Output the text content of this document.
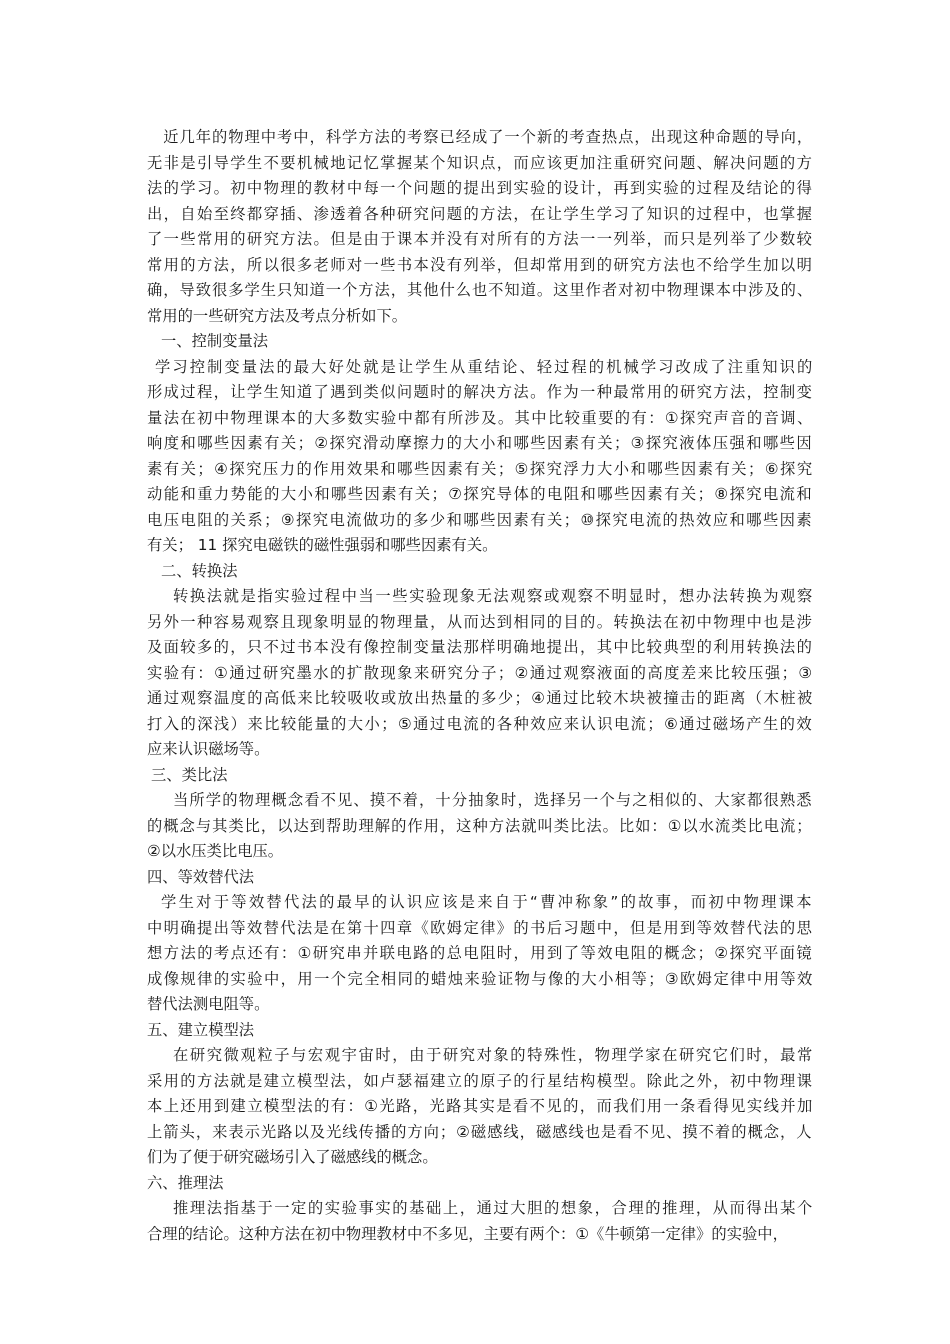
　近几年的物理中考中，科学方法的考察已经成了一个新的考查热点，出现这种命题的导向，
无非是引导学生不要机械地记忆掌握某个知识点，而应该更加注重研究问题、解决问题的方
法的学习。初中物理的教材中每一个问题的提出到实验的设计，再到实验的过程及结论的得
出，自始至终都穿插、渗透着各种研究问题的方法，在让学生学习了知识的过程中，也掌握
了一些常用的研究方法。但是由于课本并没有对所有的方法一一列举，而只是列举了少数较
常用的方法，所以很多老师对一些书本没有列举，但却常用到的研究方法也不给学生加以明
确，导致很多学生只知道一个方法，其他什么也不知道。这里作者对初中物理课本中涉及的、
常用的一些研究方法及考点分析如下。
一、控制变量法
学习控制变量法的最大好处就是让学生从重结论、轻过程的机械学习改成了注重知识的
形成过程，让学生知道了遇到类似问题时的解决方法。作为一种最常用的研究方法，控制变
量法在初中物理课本的大多数实验中都有所涉及。其中比较重要的有：①探究声音的音调、
响度和哪些因素有关；②探究滑动摩擦力的大小和哪些因素有关；③探究液体压强和哪些因
素有关；④探究压力的作用效果和哪些因素有关；⑤探究浮力大小和哪些因素有关；⑥探究
动能和重力势能的大小和哪些因素有关；⑦探究导体的电阻和哪些因素有关；⑧探究电流和
电压电阻的关系；⑨探究电流做功的多少和哪些因素有关；⑩探究电流的热效应和哪些因素
有关； 11 探究电磁铁的磁性强弱和哪些因素有关。
二、转换法
转换法就是指实验过程中当一些实验现象无法观察或观察不明显时，想办法转换为观察
另外一种容易观察且现象明显的物理量，从而达到相同的目的。转换法在初中物理中也是涉
及面较多的，只不过书本没有像控制变量法那样明确地提出，其中比较典型的利用转换法的
实验有：①通过研究墨水的扩散现象来研究分子；②通过观察液面的高度差来比较压强；③
通过观察温度的高低来比较吸收或放出热量的多少；④通过比较木块被撞击的距离（木桩被
打入的深浅）来比较能量的大小；⑤通过电流的各种效应来认识电流；⑥通过磁场产生的效
应来认识磁场等。
三、类比法
当所学的物理概念看不见、摸不着，十分抽象时，选择另一个与之相似的、大家都很熟悉
的概念与其类比，以达到帮助理解的作用，这种方法就叫类比法。比如：①以水流类比电流；
②以水压类比电压。
四、等效替代法
学生对于等效替代法的最早的认识应该是来自于“曹冲称象”的故事，而初中物理课本
中明确提出等效替代法是在第十四章《欧姆定律》的书后习题中，但是用到等效替代法的思
想方法的考点还有：①研究串并联电路的总电阻时，用到了等效电阻的概念；②探究平面镜
成像规律的实验中，用一个完全相同的蜡烛来验证物与像的大小相等；③欧姆定律中用等效
替代法测电阻等。
五、建立模型法
在研究微观粒子与宏观宇宙时，由于研究对象的特殊性，物理学家在研究它们时，最常
采用的方法就是建立模型法，如卢瑟福建立的原子的行星结构模型。除此之外，初中物理课
本上还用到建立模型法的有：①光路，光路其实是看不见的，而我们用一条看得见实线并加
上箭头，来表示光路以及光线传播的方向；②磁感线，磁感线也是看不见、摸不着的概念，人
们为了便于研究磁场引入了磁感线的概念。
六、推理法
推理法指基于一定的实验事实的基础上，通过大胆的想象，合理的推理，从而得出某个
合理的结论。这种方法在初中物理教材中不多见，主要有两个：①《牛顿第一定律》的实验中，
